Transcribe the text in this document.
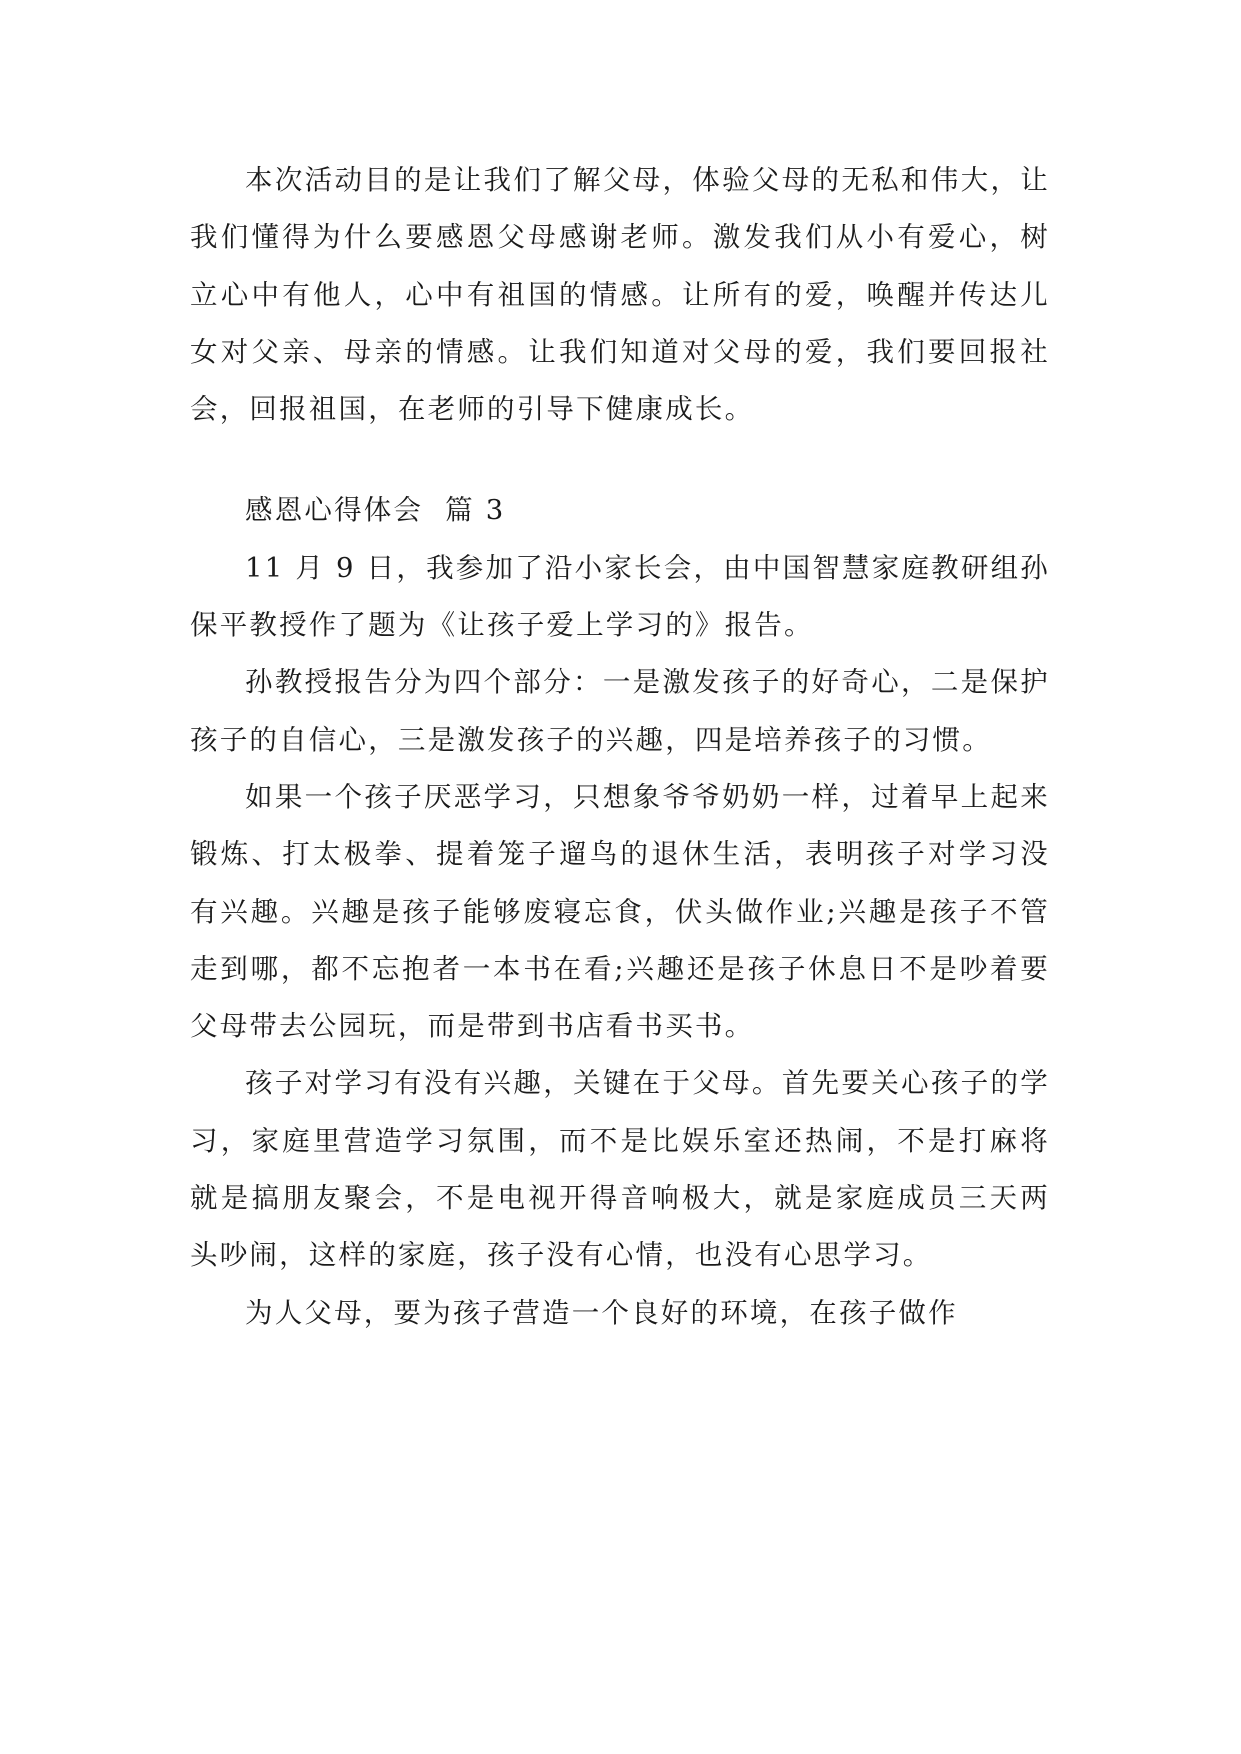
本次活动目的是让我们了解父母，体验父母的无私和伟大，让我们懂得为什么要感恩父母感谢老师。激发我们从小有爱心，树立心中有他人，心中有祖国的情感。让所有的爱，唤醒并传达儿女对父亲、母亲的情感。让我们知道对父母的爱，我们要回报社会，回报祖国，在老师的引导下健康成长。

感恩心得体会  篇 3

11 月 9 日，我参加了沿小家长会，由中国智慧家庭教研组孙保平教授作了题为《让孩子爱上学习的》报告。

孙教授报告分为四个部分：一是激发孩子的好奇心，二是保护孩子的自信心，三是激发孩子的兴趣，四是培养孩子的习惯。

如果一个孩子厌恶学习，只想象爷爷奶奶一样，过着早上起来锻炼、打太极拳、提着笼子遛鸟的退休生活，表明孩子对学习没有兴趣。兴趣是孩子能够废寝忘食，伏头做作业;兴趣是孩子不管走到哪，都不忘抱者一本书在看;兴趣还是孩子休息日不是吵着要父母带去公园玩，而是带到书店看书买书。

孩子对学习有没有兴趣，关键在于父母。首先要关心孩子的学习，家庭里营造学习氛围，而不是比娱乐室还热闹，不是打麻将就是搞朋友聚会，不是电视开得音响极大，就是家庭成员三天两头吵闹，这样的家庭，孩子没有心情，也没有心思学习。

为人父母，要为孩子营造一个良好的环境，在孩子做作
